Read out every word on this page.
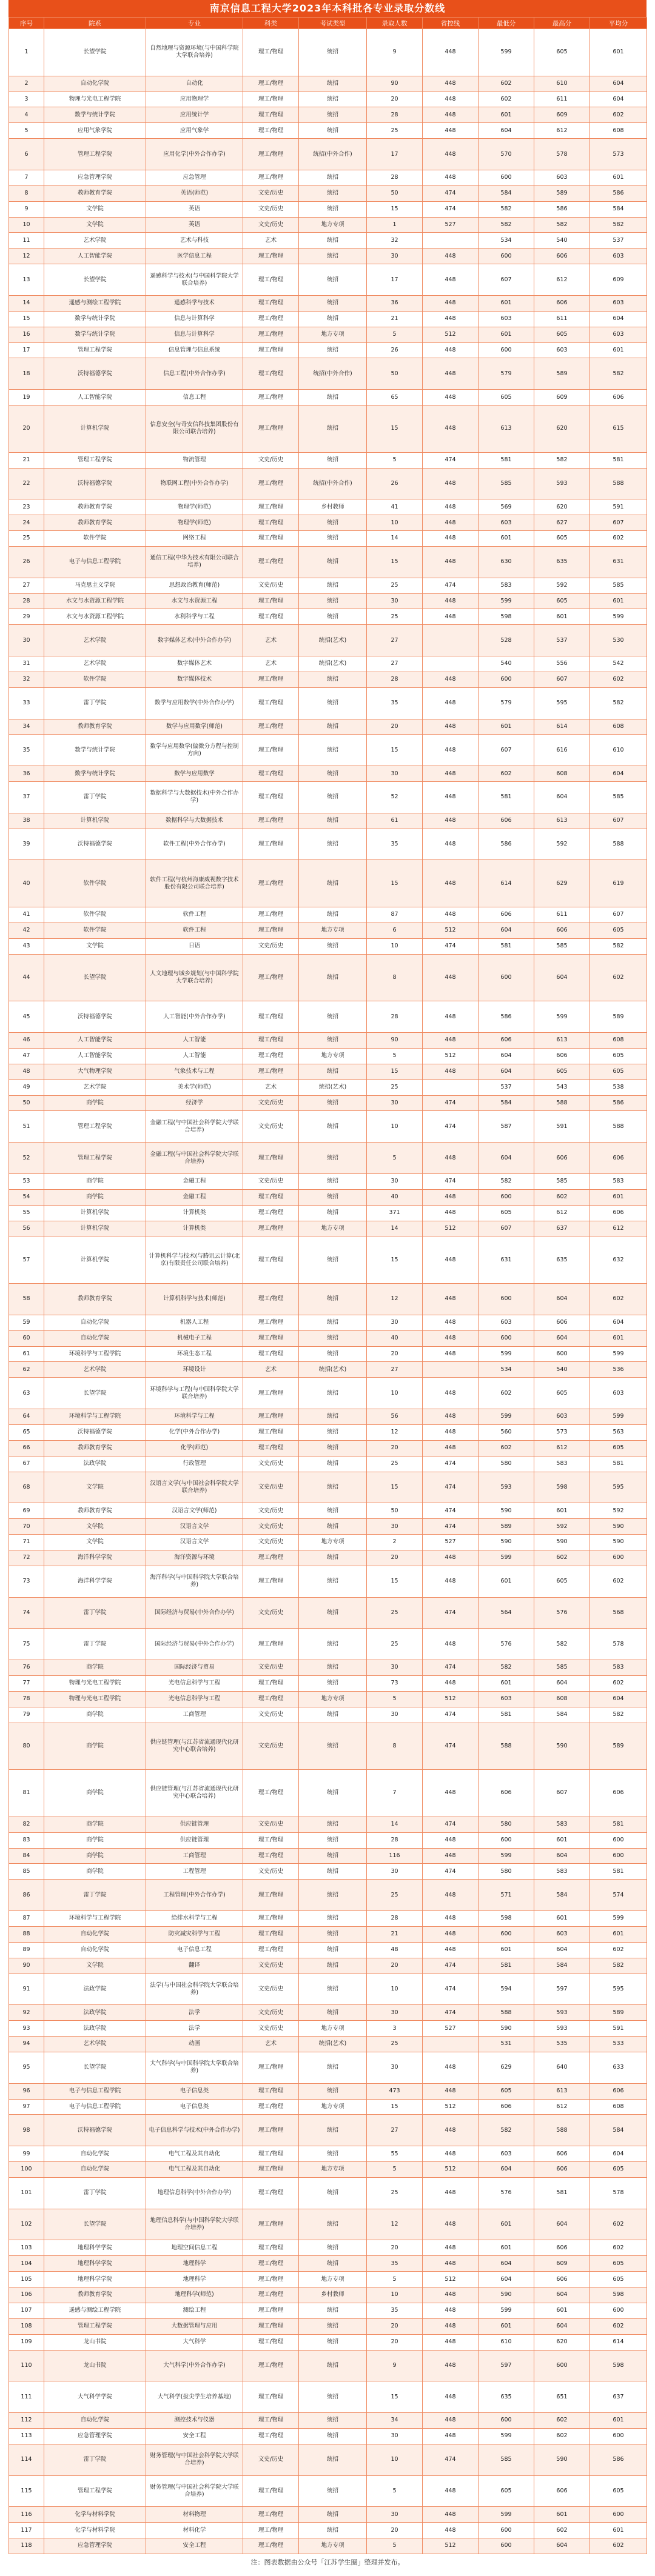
南京信息工程大学2023年本科批各专业录取分数线
序号	院系	专业	科类	考试类型	录取人数	省控线	最低分	最高分	平均分
1	长望学院	自然地理与资源环境(与中国科学院大学联合培养)	理工/物理	统招	9	448	599	605	601
2	自动化学院	自动化	理工/物理	统招	90	448	602	610	604
3	物理与光电工程学院	应用物理学	理工/物理	统招	20	448	602	611	604
4	数学与统计学院	应用统计学	理工/物理	统招	28	448	601	609	602
5	应用气象学院	应用气象学	理工/物理	统招	25	448	604	612	608
6	管理工程学院	应用化学(中外合作办学)	理工/物理	统招(中外合作)	17	448	570	578	573
7	应急管理学院	应急管理	理工/物理	统招	28	448	600	603	601
8	教师教育学院	英语(师范)	文史/历史	统招	50	474	584	589	586
9	文学院	英语	文史/历史	统招	15	474	582	586	584
10	文学院	英语	文史/历史	地方专项	1	527	582	582	582
11	艺术学院	艺术与科技	艺术	统招	32		534	540	537
12	人工智能学院	医学信息工程	理工/物理	统招	30	448	600	606	603
13	长望学院	遥感科学与技术(与中国科学院大学联合培养)	理工/物理	统招	17	448	607	612	609
14	遥感与测绘工程学院	遥感科学与技术	理工/物理	统招	36	448	601	606	603
15	数学与统计学院	信息与计算科学	理工/物理	统招	21	448	603	611	604
16	数学与统计学院	信息与计算科学	理工/物理	地方专项	5	512	601	605	603
17	管理工程学院	信息管理与信息系统	理工/物理	统招	26	448	600	603	601
18	沃特福德学院	信息工程(中外合作办学)	理工/物理	统招(中外合作)	50	448	579	589	582
19	人工智能学院	信息工程	理工/物理	统招	65	448	605	609	606
20	计算机学院	信息安全(与奇安信科技集团股份有限公司联合培养)	理工/物理	统招	15	448	613	620	615
21	管理工程学院	物流管理	文史/历史	统招	5	474	581	582	581
22	沃特福德学院	物联网工程(中外合作办学)	理工/物理	统招(中外合作)	26	448	585	593	588
23	教师教育学院	物理学(师范)	理工/物理	乡村教师	41	448	569	620	591
24	教师教育学院	物理学(师范)	理工/物理	统招	10	448	603	627	607
25	软件学院	网络工程	理工/物理	统招	14	448	601	605	602
26	电子与信息工程学院	通信工程(中华为技术有限公司联合培养)	理工/物理	统招	15	448	630	635	631
27	马克思主义学院	思想政治教育(师范)	文史/历史	统招	25	474	583	592	585
28	水文与水资源工程学院	水文与水资源工程	理工/物理	统招	30	448	599	605	601
29	水文与水资源工程学院	水利科学与工程	理工/物理	统招	25	448	598	601	599
30	艺术学院	数字媒体艺术(中外合作办学)	艺术	统招(艺术)	27		528	537	530
31	艺术学院	数字媒体艺术	艺术	统招(艺术)	27		540	556	542
32	软件学院	数字媒体技术	理工/物理	统招	28	448	600	607	602
33	雷丁学院	数学与应用数学(中外合作办学)	理工/物理	统招	35	448	579	595	582
34	教师教育学院	数学与应用数学(师范)	理工/物理	统招	20	448	601	614	608
35	数学与统计学院	数学与应用数学(偏微分方程与控制方向)	理工/物理	统招	15	448	607	616	610
36	数学与统计学院	数学与应用数学	理工/物理	统招	30	448	602	608	604
37	雷丁学院	数据科学与大数据技术(中外合作办学)	理工/物理	统招	52	448	581	604	585
38	计算机学院	数据科学与大数据技术	理工/物理	统招	61	448	606	613	607
39	沃特福德学院	软件工程(中外合作办学)	理工/物理	统招	35	448	586	592	588
40	软件学院	软件工程(与杭州海康威视数字技术股份有限公司联合培养)	理工/物理	统招	15	448	614	629	619
41	软件学院	软件工程	理工/物理	统招	87	448	606	611	607
42	软件学院	软件工程	理工/物理	地方专项	6	512	604	606	605
43	文学院	日语	文史/历史	统招	10	474	581	585	582
44	长望学院	人文地理与城乡规划(与中国科学院大学联合培养)	理工/物理	统招	8	448	600	604	602
45	沃特福德学院	人工智能(中外合作办学)	理工/物理	统招	28	448	586	599	589
46	人工智能学院	人工智能	理工/物理	统招	90	448	606	613	608
47	人工智能学院	人工智能	理工/物理	地方专项	5	512	604	606	605
48	大气物理学院	气象技术与工程	理工/物理	统招	15	448	604	605	605
49	艺术学院	美术学(师范)	艺术	统招(艺术)	25		537	543	538
50	商学院	经济学	文史/历史	统招	30	474	584	588	586
51	管理工程学院	金融工程(与中国社会科学院大学联合培养)	文史/历史	统招	10	474	587	591	588
52	管理工程学院	金融工程(与中国社会科学院大学联合培养)	理工/物理	统招	5	448	604	606	606
53	商学院	金融工程	文史/历史	统招	30	474	582	585	583
54	商学院	金融工程	理工/物理	统招	40	448	600	602	601
55	计算机学院	计算机类	理工/物理	统招	371	448	605	612	606
56	计算机学院	计算机类	理工/物理	地方专项	14	512	607	637	612
57	计算机学院	计算机科学与技术(与腾讯云计算(北京)有限责任公司联合培养)	理工/物理	统招	15	448	631	635	632
58	教师教育学院	计算机科学与技术(师范)	理工/物理	统招	12	448	600	604	602
59	自动化学院	机器人工程	理工/物理	统招	30	448	603	606	604
60	自动化学院	机械电子工程	理工/物理	统招	40	448	600	604	601
61	环境科学与工程学院	环境生态工程	理工/物理	统招	20	448	599	600	599
62	艺术学院	环境设计	艺术	统招(艺术)	27		534	540	536
63	长望学院	环境科学与工程(与中国科学院大学联合培养)	理工/物理	统招	10	448	602	605	603
64	环境科学与工程学院	环境科学与工程	理工/物理	统招	56	448	599	603	599
65	沃特福德学院	化学(中外合作办学)	理工/物理	统招	12	448	560	573	563
66	教师教育学院	化学(师范)	理工/物理	统招	20	448	602	612	605
67	法政学院	行政管理	文史/历史	统招	25	474	580	583	581
68	文学院	汉语言文学(与中国社会科学院大学联合培养)	文史/历史	统招	15	474	593	598	595
69	教师教育学院	汉语言文学(师范)	文史/历史	统招	50	474	590	601	592
70	文学院	汉语言文学	文史/历史	统招	30	474	589	592	590
71	文学院	汉语言文学	文史/历史	地方专项	2	527	590	590	590
72	海洋科学学院	海洋资源与环境	理工/物理	统招	20	448	599	602	600
73	海洋科学学院	海洋科学(与中国科学院大学联合培养)	理工/物理	统招	15	448	601	605	602
74	雷丁学院	国际经济与贸易(中外合作办学)	文史/历史	统招	25	474	564	576	568
75	雷丁学院	国际经济与贸易(中外合作办学)	理工/物理	统招	25	448	576	582	578
76	商学院	国际经济与贸易	文史/历史	统招	30	474	582	585	583
77	物理与光电工程学院	光电信息科学与工程	理工/物理	统招	73	448	601	604	602
78	物理与光电工程学院	光电信息科学与工程	理工/物理	地方专项	5	512	603	608	604
79	商学院	工商管理	文史/历史	统招	30	474	581	584	582
80	商学院	供应链管理(与江苏省流通现代化研究中心联合培养)	文史/历史	统招	8	474	588	590	589
81	商学院	供应链管理(与江苏省流通现代化研究中心联合培养)	理工/物理	统招	7	448	606	607	606
82	商学院	供应链管理	文史/历史	统招	14	474	580	583	581
83	商学院	供应链管理	理工/物理	统招	28	448	600	601	600
84	商学院	工商管理	理工/物理	统招	116	448	599	604	600
85	商学院	工程管理	文史/历史	统招	30	474	580	583	581
86	雷丁学院	工程管理(中外合作办学)	理工/物理	统招	25	448	571	584	574
87	环境科学与工程学院	给排水科学与工程	理工/物理	统招	28	448	598	601	599
88	自动化学院	防灾减灾科学与工程	理工/物理	统招	21	448	600	603	601
89	自动化学院	电子信息工程	理工/物理	统招	48	448	601	604	602
90	文学院	翻译	文史/历史	统招	20	474	581	584	582
91	法政学院	法学(与中国社会科学院大学联合培养)	文史/历史	统招	10	474	594	597	595
92	法政学院	法学	文史/历史	统招	30	474	588	593	589
93	法政学院	法学	文史/历史	地方专项	3	527	590	593	591
94	艺术学院	动画	艺术	统招(艺术)	25		531	535	533
95	长望学院	大气科学(与中国科学院大学联合培养)	理工/物理	统招	30	448	629	640	633
96	电子与信息工程学院	电子信息类	理工/物理	统招	473	448	605	613	606
97	电子与信息工程学院	电子信息类	理工/物理	地方专项	15	512	606	612	608
98	沃特福德学院	电子信息科学与技术(中外合作办学)	理工/物理	统招	27	448	582	588	584
99	自动化学院	电气工程及其自动化	理工/物理	统招	55	448	603	606	604
100	自动化学院	电气工程及其自动化	理工/物理	地方专项	5	512	604	606	605
101	雷丁学院	地理信息科学(中外合作办学)	理工/物理	统招	25	448	576	581	578
102	长望学院	地理信息科学(与中国科学院大学联合培养)	理工/物理	统招	12	448	601	604	602
103	地理科学学院	地理空间信息工程	理工/物理	统招	20	448	601	606	602
104	地理科学学院	地理科学	理工/物理	统招	35	448	604	609	605
105	地理科学学院	地理科学	理工/物理	地方专项	5	512	604	606	605
106	教师教育学院	地理科学(师范)	理工/物理	乡村教师	10	448	590	604	598
107	遥感与测绘工程学院	测绘工程	理工/物理	统招	35	448	599	601	600
108	管理工程学院	大数据管理与应用	理工/物理	统招	20	448	601	604	602
109	龙山书院	大气科学	理工/物理	统招	20	448	610	620	614
110	龙山书院	大气科学(中外合作办学)	理工/物理	统招	9	448	597	600	598
111	大气科学学院	大气科学(拔尖学生培养基地)	理工/物理	统招	15	448	635	651	637
112	自动化学院	测控技术与仪器	理工/物理	统招	34	448	600	602	601
113	应急管理学院	安全工程	理工/物理	统招	30	448	599	602	600
114	雷丁学院	财务管理(与中国社会科学院大学联合培养)	文史/历史	统招	10	474	585	590	586
115	管理工程学院	财务管理(与中国社会科学院大学联合培养)	理工/物理	统招	5	448	605	606	605
116	化学与材料学院	材料物理	理工/物理	统招	30	448	599	601	600
117	化学与材料学院	材料化学	理工/物理	统招	20	448	600	602	601
118	应急管理学院	安全工程	理工/物理	地方专项	5	512	600	604	602
注：图表数据由公众号「江苏学生圈」整理并发布。
